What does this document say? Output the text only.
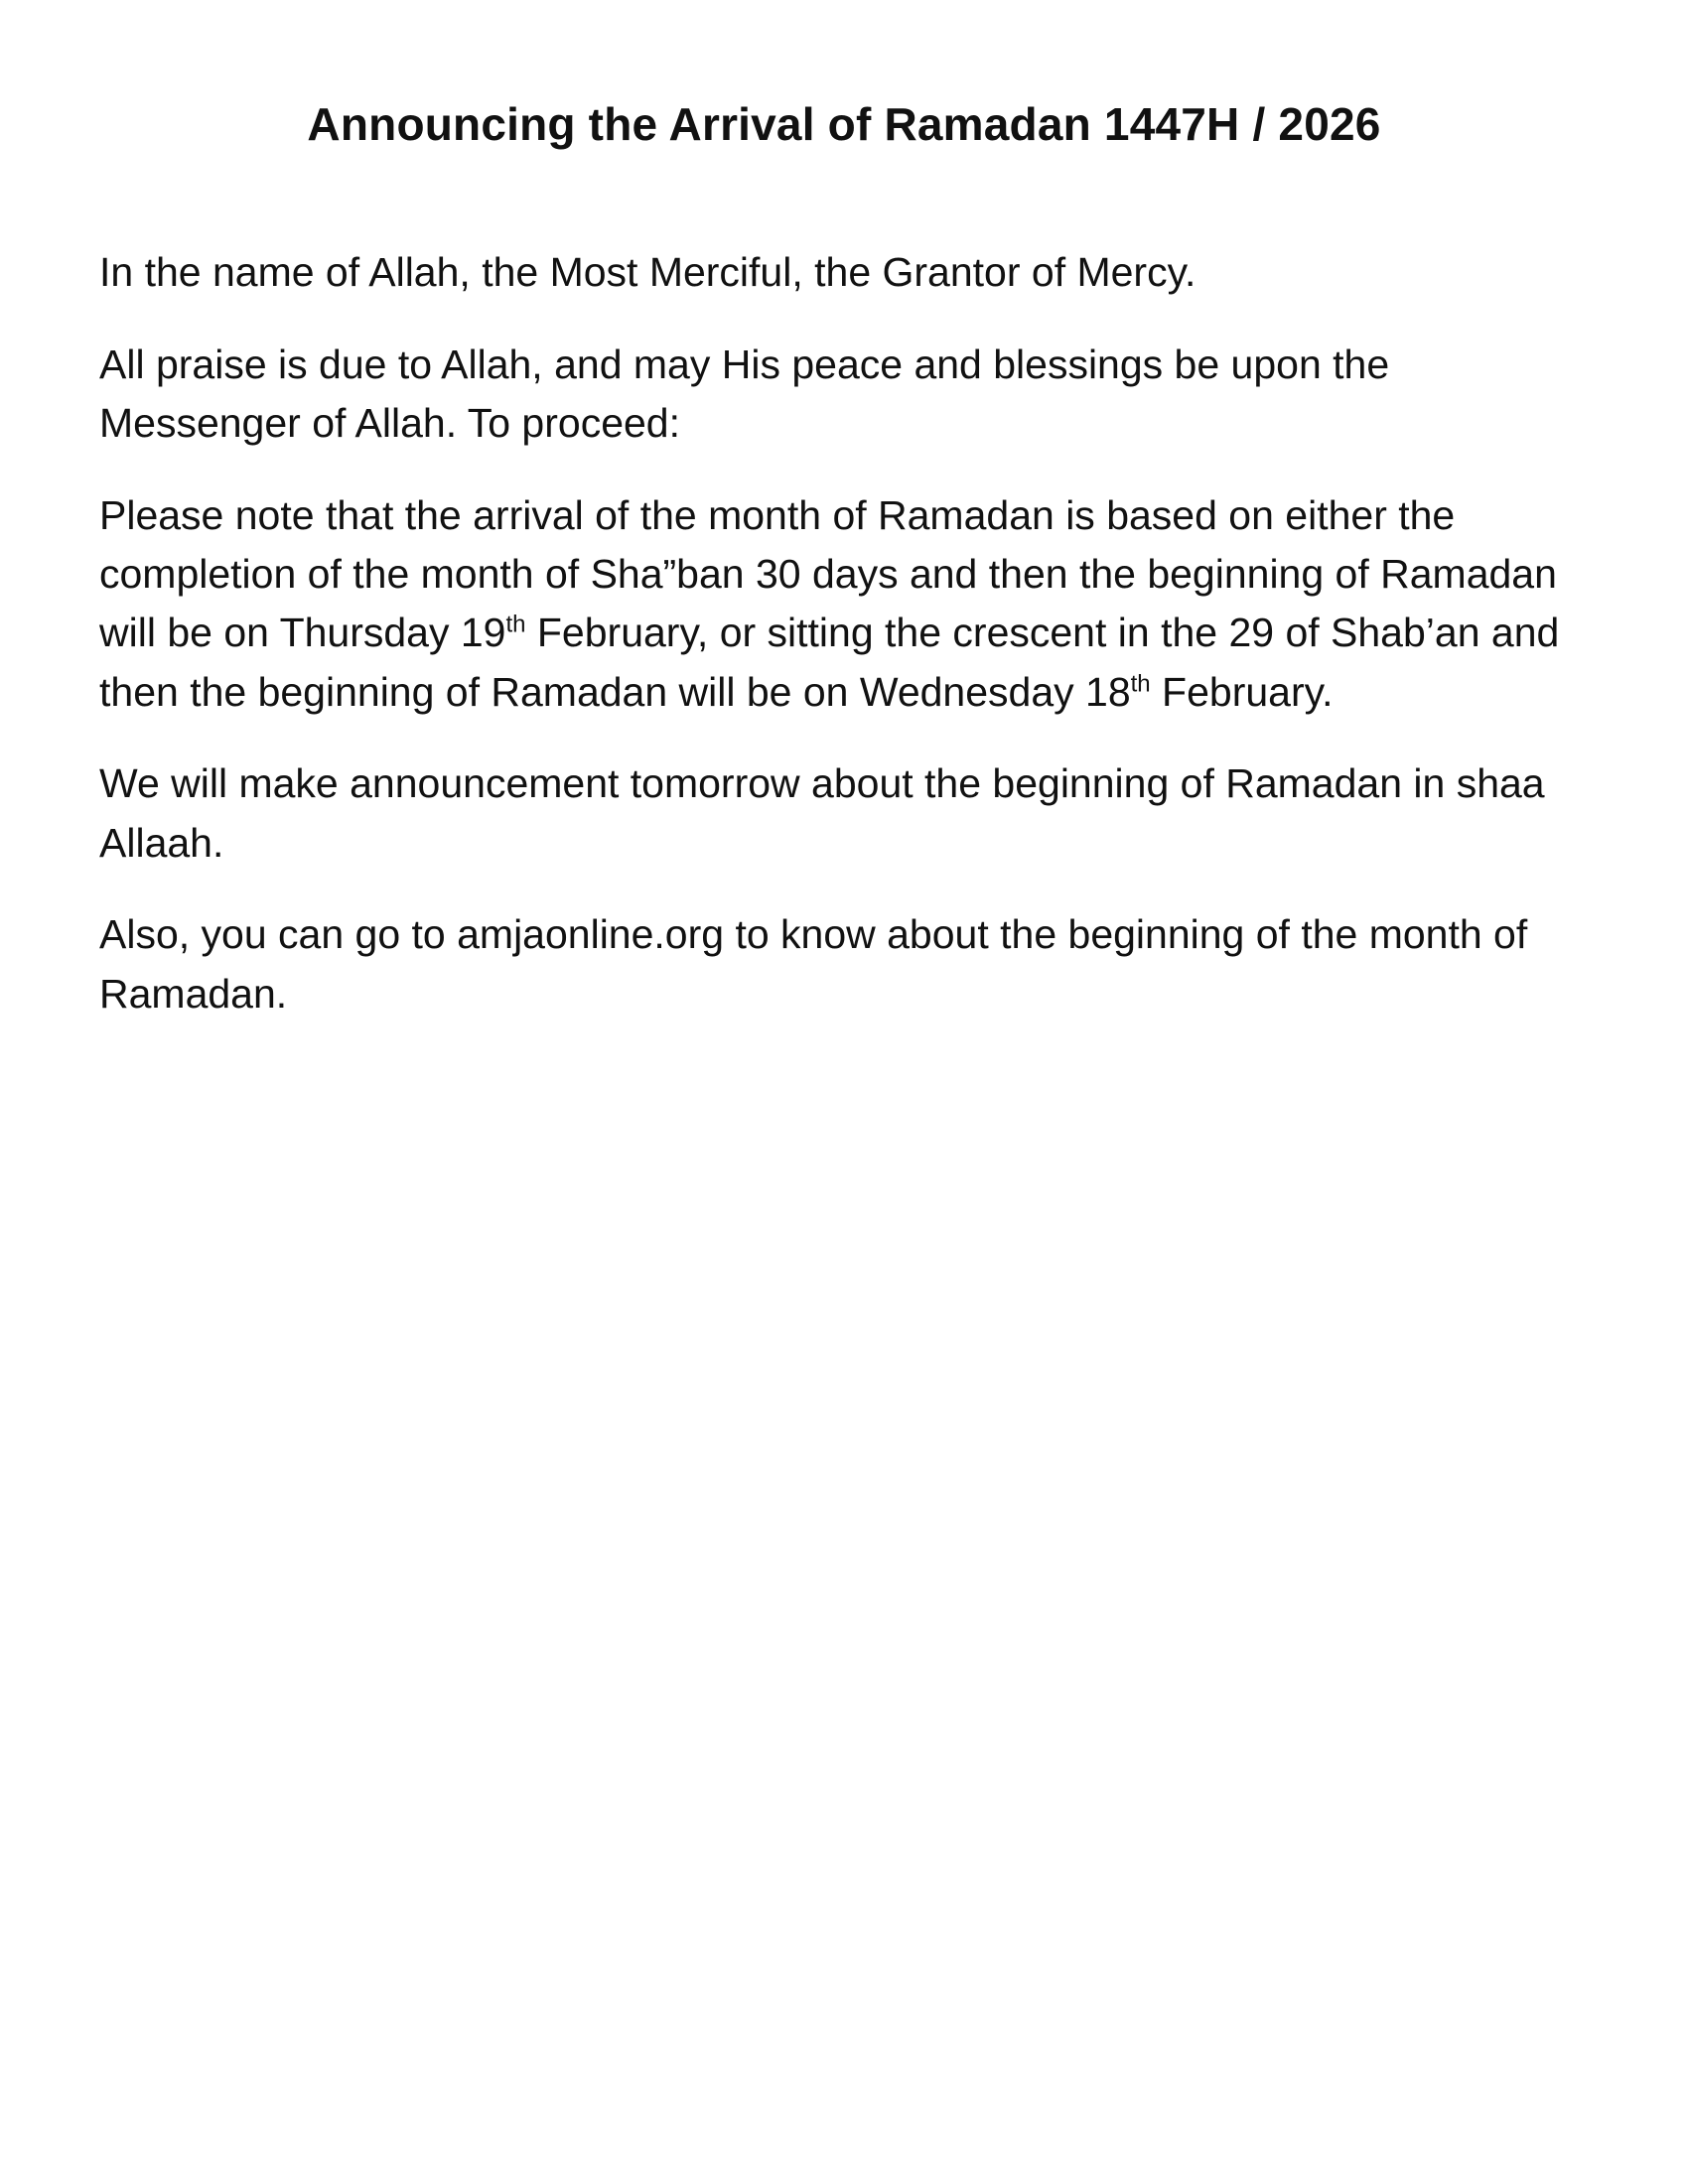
Announcing the Arrival of Ramadan 1447H / 2026

In the name of Allah, the Most Merciful, the Grantor of Mercy.

All praise is due to Allah, and may His peace and blessings be upon the Messenger of Allah. To proceed:

Please note that the arrival of the month of Ramadan is based on either the completion of the month of Sha”ban 30 days and then the beginning of Ramadan will be on Thursday 19th February, or sitting the crescent in the 29 of Shab’an and then the beginning of Ramadan will be on Wednesday 18th February.

We will make announcement tomorrow about the beginning of Ramadan in shaa Allaah.

Also, you can go to amjaonline.org to know about the beginning of the month of Ramadan.
